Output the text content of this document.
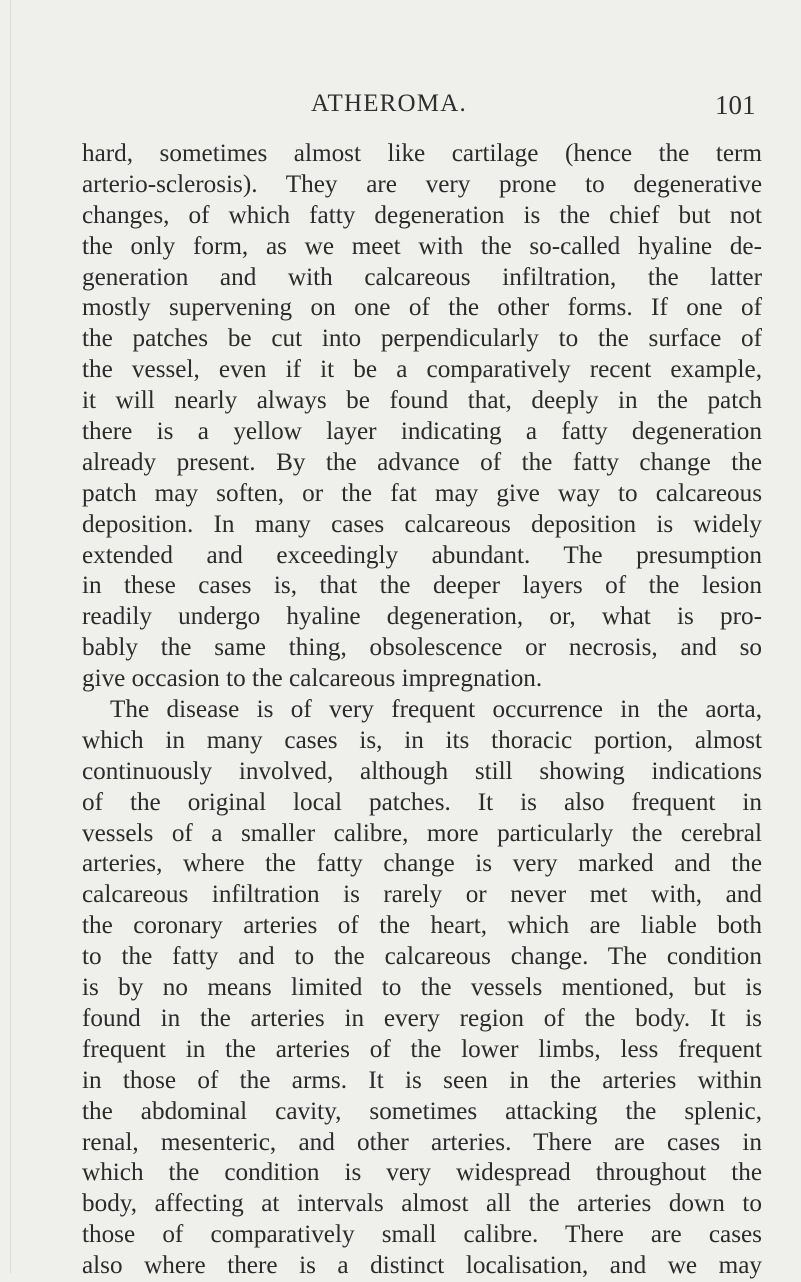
ATHEROMA.	101
hard, sometimes almost like cartilage (hence the term
arterio-sclerosis). They are very prone to degenerative
changes, of which fatty degeneration is the chief but not
the only form, as we meet with the so-called hyaline de-
generation and with calcareous infiltration, the latter
mostly supervening on one of the other forms. If one of
the patches be cut into perpendicularly to the surface of
the vessel, even if it be a comparatively recent example,
it will nearly always be found that, deeply in the patch
there is a yellow layer indicating a fatty degeneration
already present. By the advance of the fatty change the
patch may soften, or the fat may give way to calcareous
deposition. In many cases calcareous deposition is widely
extended and exceedingly abundant. The presumption
in these cases is, that the deeper layers of the lesion
readily undergo hyaline degeneration, or, what is pro-
bably the same thing, obsolescence or necrosis, and so
give occasion to the calcareous impregnation.
The disease is of very frequent occurrence in the aorta,
which in many cases is, in its thoracic portion, almost
continuously involved, although still showing indications
of the original local patches. It is also frequent in
vessels of a smaller calibre, more particularly the cerebral
arteries, where the fatty change is very marked and the
calcareous infiltration is rarely or never met with, and
the coronary arteries of the heart, which are liable both
to the fatty and to the calcareous change. The condition
is by no means limited to the vessels mentioned, but is
found in the arteries in every region of the body. It is
frequent in the arteries of the lower limbs, less frequent
in those of the arms. It is seen in the arteries within
the abdominal cavity, sometimes attacking the splenic,
renal, mesenteric, and other arteries. There are cases in
which the condition is very widespread throughout the
body, affecting at intervals almost all the arteries down to
those of comparatively small calibre. There are cases
also where there is a distinct localisation, and we may
